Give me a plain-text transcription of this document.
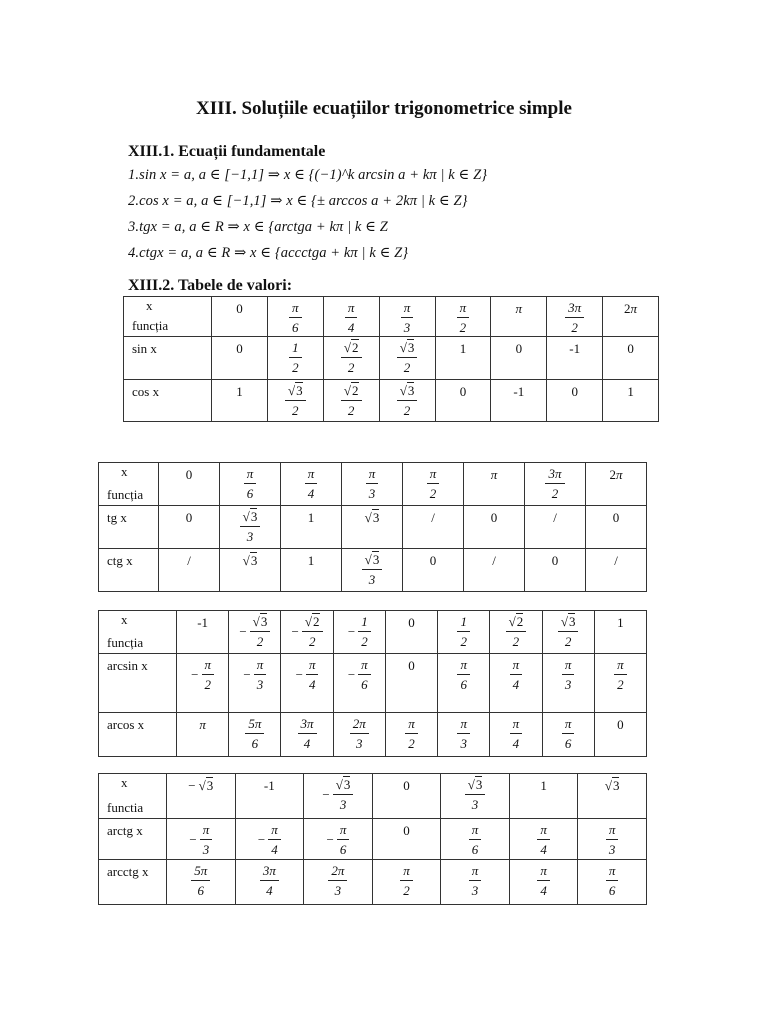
XIII. Soluțiile ecuațiilor trigonometrice simple
XIII.1. Ecuații fundamentale
1.sin x = a, a ∈ [−1,1] ⇒ x ∈ {(−1)^k arcsin a + kπ | k ∈ Z}
2.cos x = a, a ∈ [−1,1] ⇒ x ∈ {± arccos a + 2kπ | k ∈ Z}
3.tgx = a, a ∈ R ⇒ x ∈ {arctga + kπ | k ∈ Z
4.ctgx = a, a ∈ R ⇒ x ∈ {accctga + kπ | k ∈ Z}
XIII.2. Tabele de valori:
x
funcția	0	$\frac{\pi}{6}$	$\frac{\pi}{4}$	$\frac{\pi}{3}$	$\frac{\pi}{2}$	π	$\frac{3\pi}{2}$	2π

sin x	0	$\frac{1}{2}$	√ $\frac{2}{2}$	√ $\frac{3}{2}$	1	0	-1	0

cos x	1	√ $\frac{3}{2}$	√ $\frac{2}{2}$	√ $\frac{3}{2}$	0	-1	0	1
x
funcția	0	$\frac{\pi}{6}$	$\frac{\pi}{4}$	$\frac{\pi}{3}$	$\frac{\pi}{2}$	π	$\frac{3\pi}{2}$	2π

tg x	0	√ $\frac{3}{3}$	1	√ 3	/	0	/	0

ctg x	/	√ 3	1	√ $\frac{3}{3}$	0	/	0	/
x
funcția	-1	− √ $\frac{3}{2}$	− √ $\frac{2}{2}$	− $\frac{1}{2}$	0	$\frac{1}{2}$	√ $\frac{2}{2}$	√ $\frac{3}{2}$	1

arcsin x	− $\frac{\pi}{2}$	− $\frac{\pi}{3}$	− $\frac{\pi}{4}$	− $\frac{\pi}{6}$	0	$\frac{\pi}{6}$	$\frac{\pi}{4}$	$\frac{\pi}{3}$	$\frac{\pi}{2}$

arcos x	π	$\frac{5\pi}{6}$	$\frac{3\pi}{4}$	$\frac{2\pi}{3}$	$\frac{\pi}{2}$	$\frac{\pi}{3}$	$\frac{\pi}{4}$	$\frac{\pi}{6}$	0
x
functia	− √ 3	-1	− √ $\frac{3}{3}$	0	√ $\frac{3}{3}$	1	√ 3

arctg x	− $\frac{\pi}{3}$	− $\frac{\pi}{4}$	− $\frac{\pi}{6}$	0	$\frac{\pi}{6}$	$\frac{\pi}{4}$	$\frac{\pi}{3}$

arcctg x	$\frac{5\pi}{6}$	$\frac{3\pi}{4}$	$\frac{2\pi}{3}$	$\frac{\pi}{2}$	$\frac{\pi}{3}$	$\frac{\pi}{4}$	$\frac{\pi}{6}$
